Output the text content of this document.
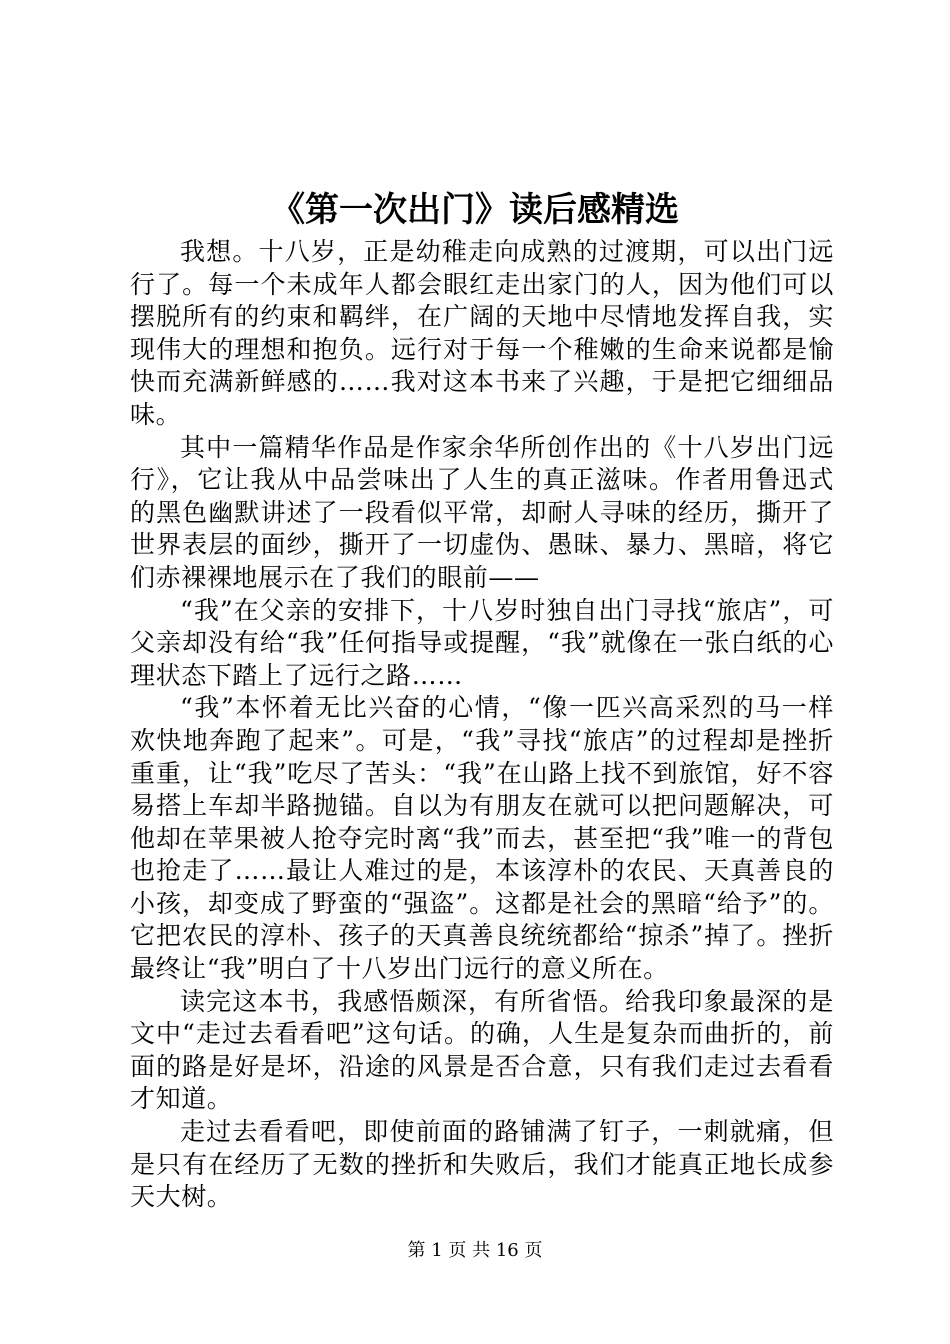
《第一次出门》读后感精选

我想。十八岁，正是幼稚走向成熟的过渡期，可以出门远行了。每一个未成年人都会眼红走出家门的人，因为他们可以摆脱所有的约束和羁绊，在广阔的天地中尽情地发挥自我，实现伟大的理想和抱负。远行对于每一个稚嫩的生命来说都是愉快而充满新鲜感的……我对这本书来了兴趣，于是把它细细品味。

其中一篇精华作品是作家余华所创作出的《十八岁出门远行》，它让我从中品尝味出了人生的真正滋味。作者用鲁迅式的黑色幽默讲述了一段看似平常，却耐人寻味的经历，撕开了世界表层的面纱，撕开了一切虚伪、愚昧、暴力、黑暗，将它们赤裸裸地展示在了我们的眼前——

“我”在父亲的安排下，十八岁时独自出门寻找“旅店”，可父亲却没有给“我”任何指导或提醒，“我”就像在一张白纸的心理状态下踏上了远行之路……

“我”本怀着无比兴奋的心情，“像一匹兴高采烈的马一样欢快地奔跑了起来”。可是，“我”寻找“旅店”的过程却是挫折重重，让“我”吃尽了苦头：“我”在山路上找不到旅馆，好不容易搭上车却半路抛锚。自以为有朋友在就可以把问题解决，可他却在苹果被人抢夺完时离“我”而去，甚至把“我”唯一的背包也抢走了……最让人难过的是，本该淳朴的农民、天真善良的小孩，却变成了野蛮的“强盗”。这都是社会的黑暗“给予”的。它把农民的淳朴、孩子的天真善良统统都给“掠杀”掉了。挫折最终让“我”明白了十八岁出门远行的意义所在。

读完这本书，我感悟颇深，有所省悟。给我印象最深的是文中“走过去看看吧”这句话。的确，人生是复杂而曲折的，前面的路是好是坏，沿途的风景是否合意，只有我们走过去看看才知道。

走过去看看吧，即使前面的路铺满了钉子，一刺就痛，但是只有在经历了无数的挫折和失败后，我们才能真正地长成参天大树。

第 1 页 共 16 页
